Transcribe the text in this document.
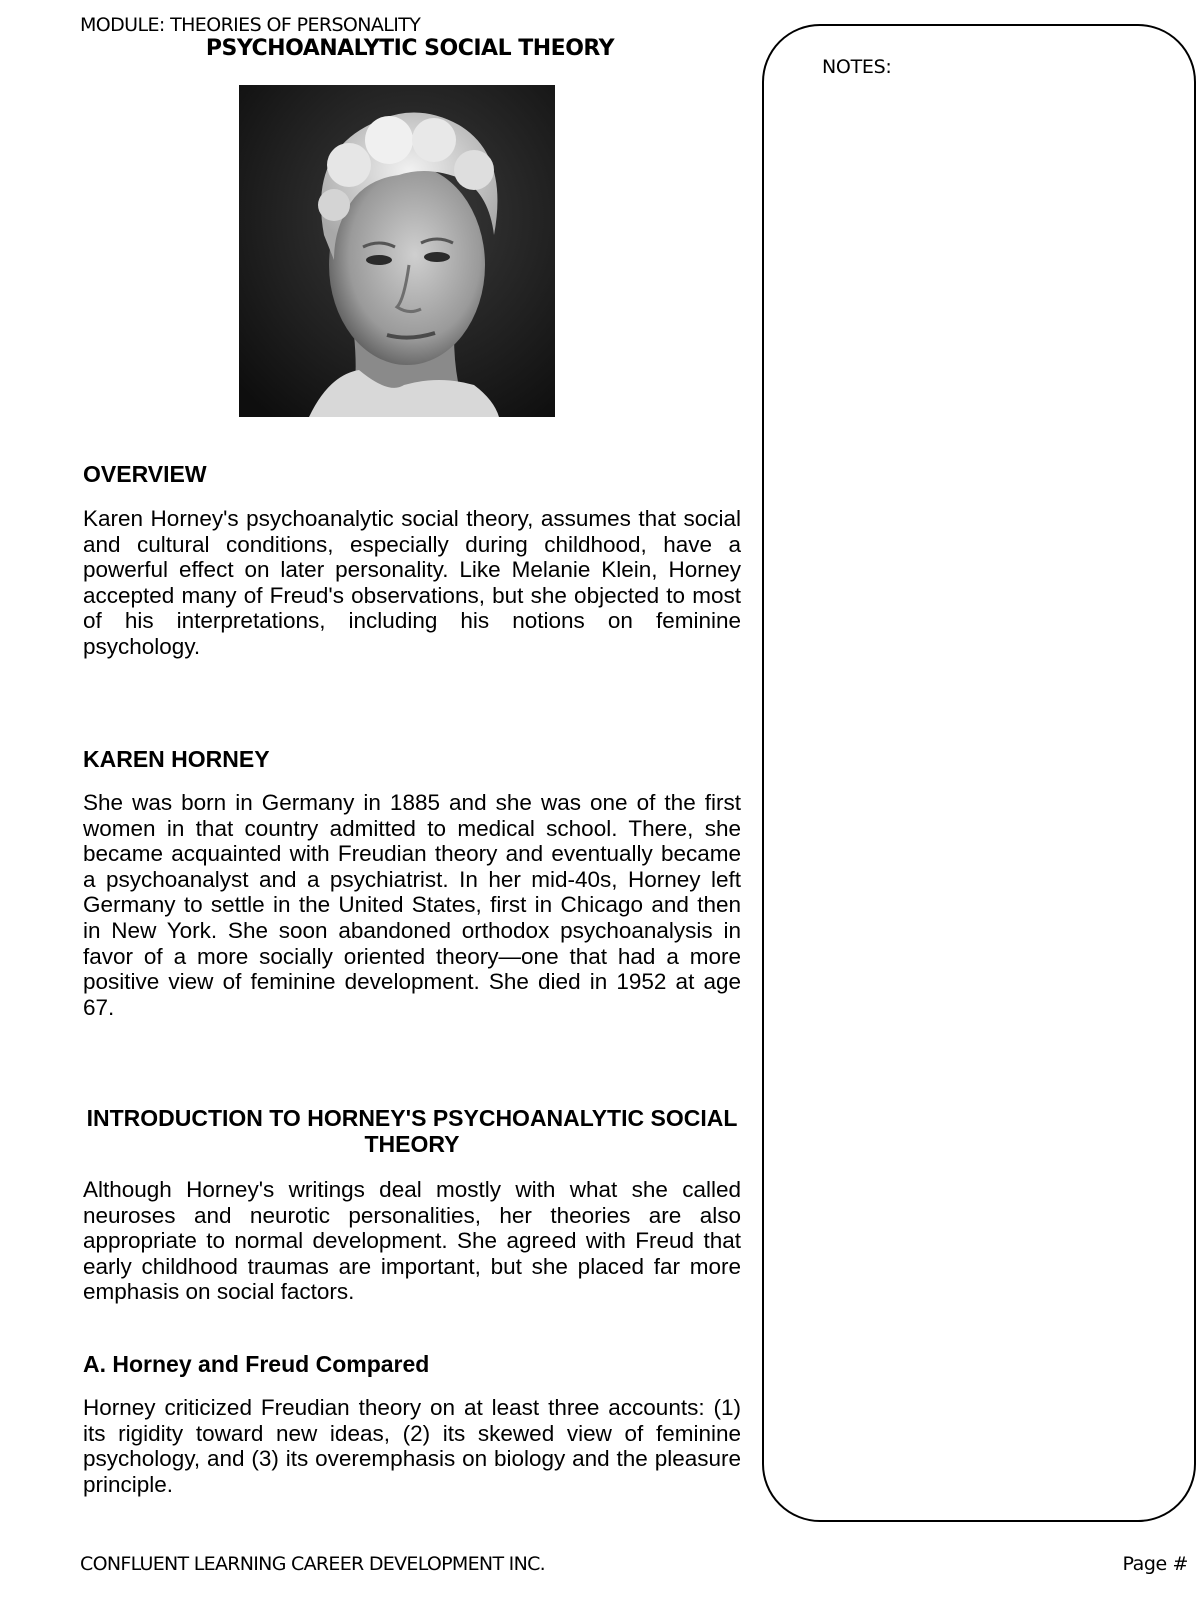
MODULE: THEORIES OF PERSONALITY
PSYCHOANALYTIC SOCIAL THEORY
OVERVIEW

Karen Horney's psychoanalytic social theory, assumes that social and cultural conditions, especially during childhood, have a powerful effect on later personality. Like Melanie Klein, Horney accepted many of Freud's observations, but she objected to most of his interpretations, including his notions on feminine psychology.

KAREN HORNEY

She was born in Germany in 1885 and she was one of the first women in that country admitted to medical school. There, she became acquainted with Freudian theory and eventually became a psychoanalyst and a psychiatrist. In her mid-40s, Horney left Germany to settle in the United States, first in Chicago and then in New York. She soon abandoned orthodox psychoanalysis in favor of a more socially oriented theory—one that had a more positive view of feminine development. She died in 1952 at age 67.

INTRODUCTION TO HORNEY'S PSYCHOANALYTIC SOCIAL THEORY

Although Horney's writings deal mostly with what she called neuroses and neurotic personalities, her theories are also appropriate to normal development. She agreed with Freud that early childhood traumas are important, but she placed far more emphasis on social factors.

A. Horney and Freud Compared

Horney criticized Freudian theory on at least three accounts: (1) its rigidity toward new ideas, (2) its skewed view of feminine psychology, and (3) its overemphasis on biology and the pleasure principle.

NOTES:
CONFLUENT LEARNING CAREER DEVELOPMENT INC.	Page #
